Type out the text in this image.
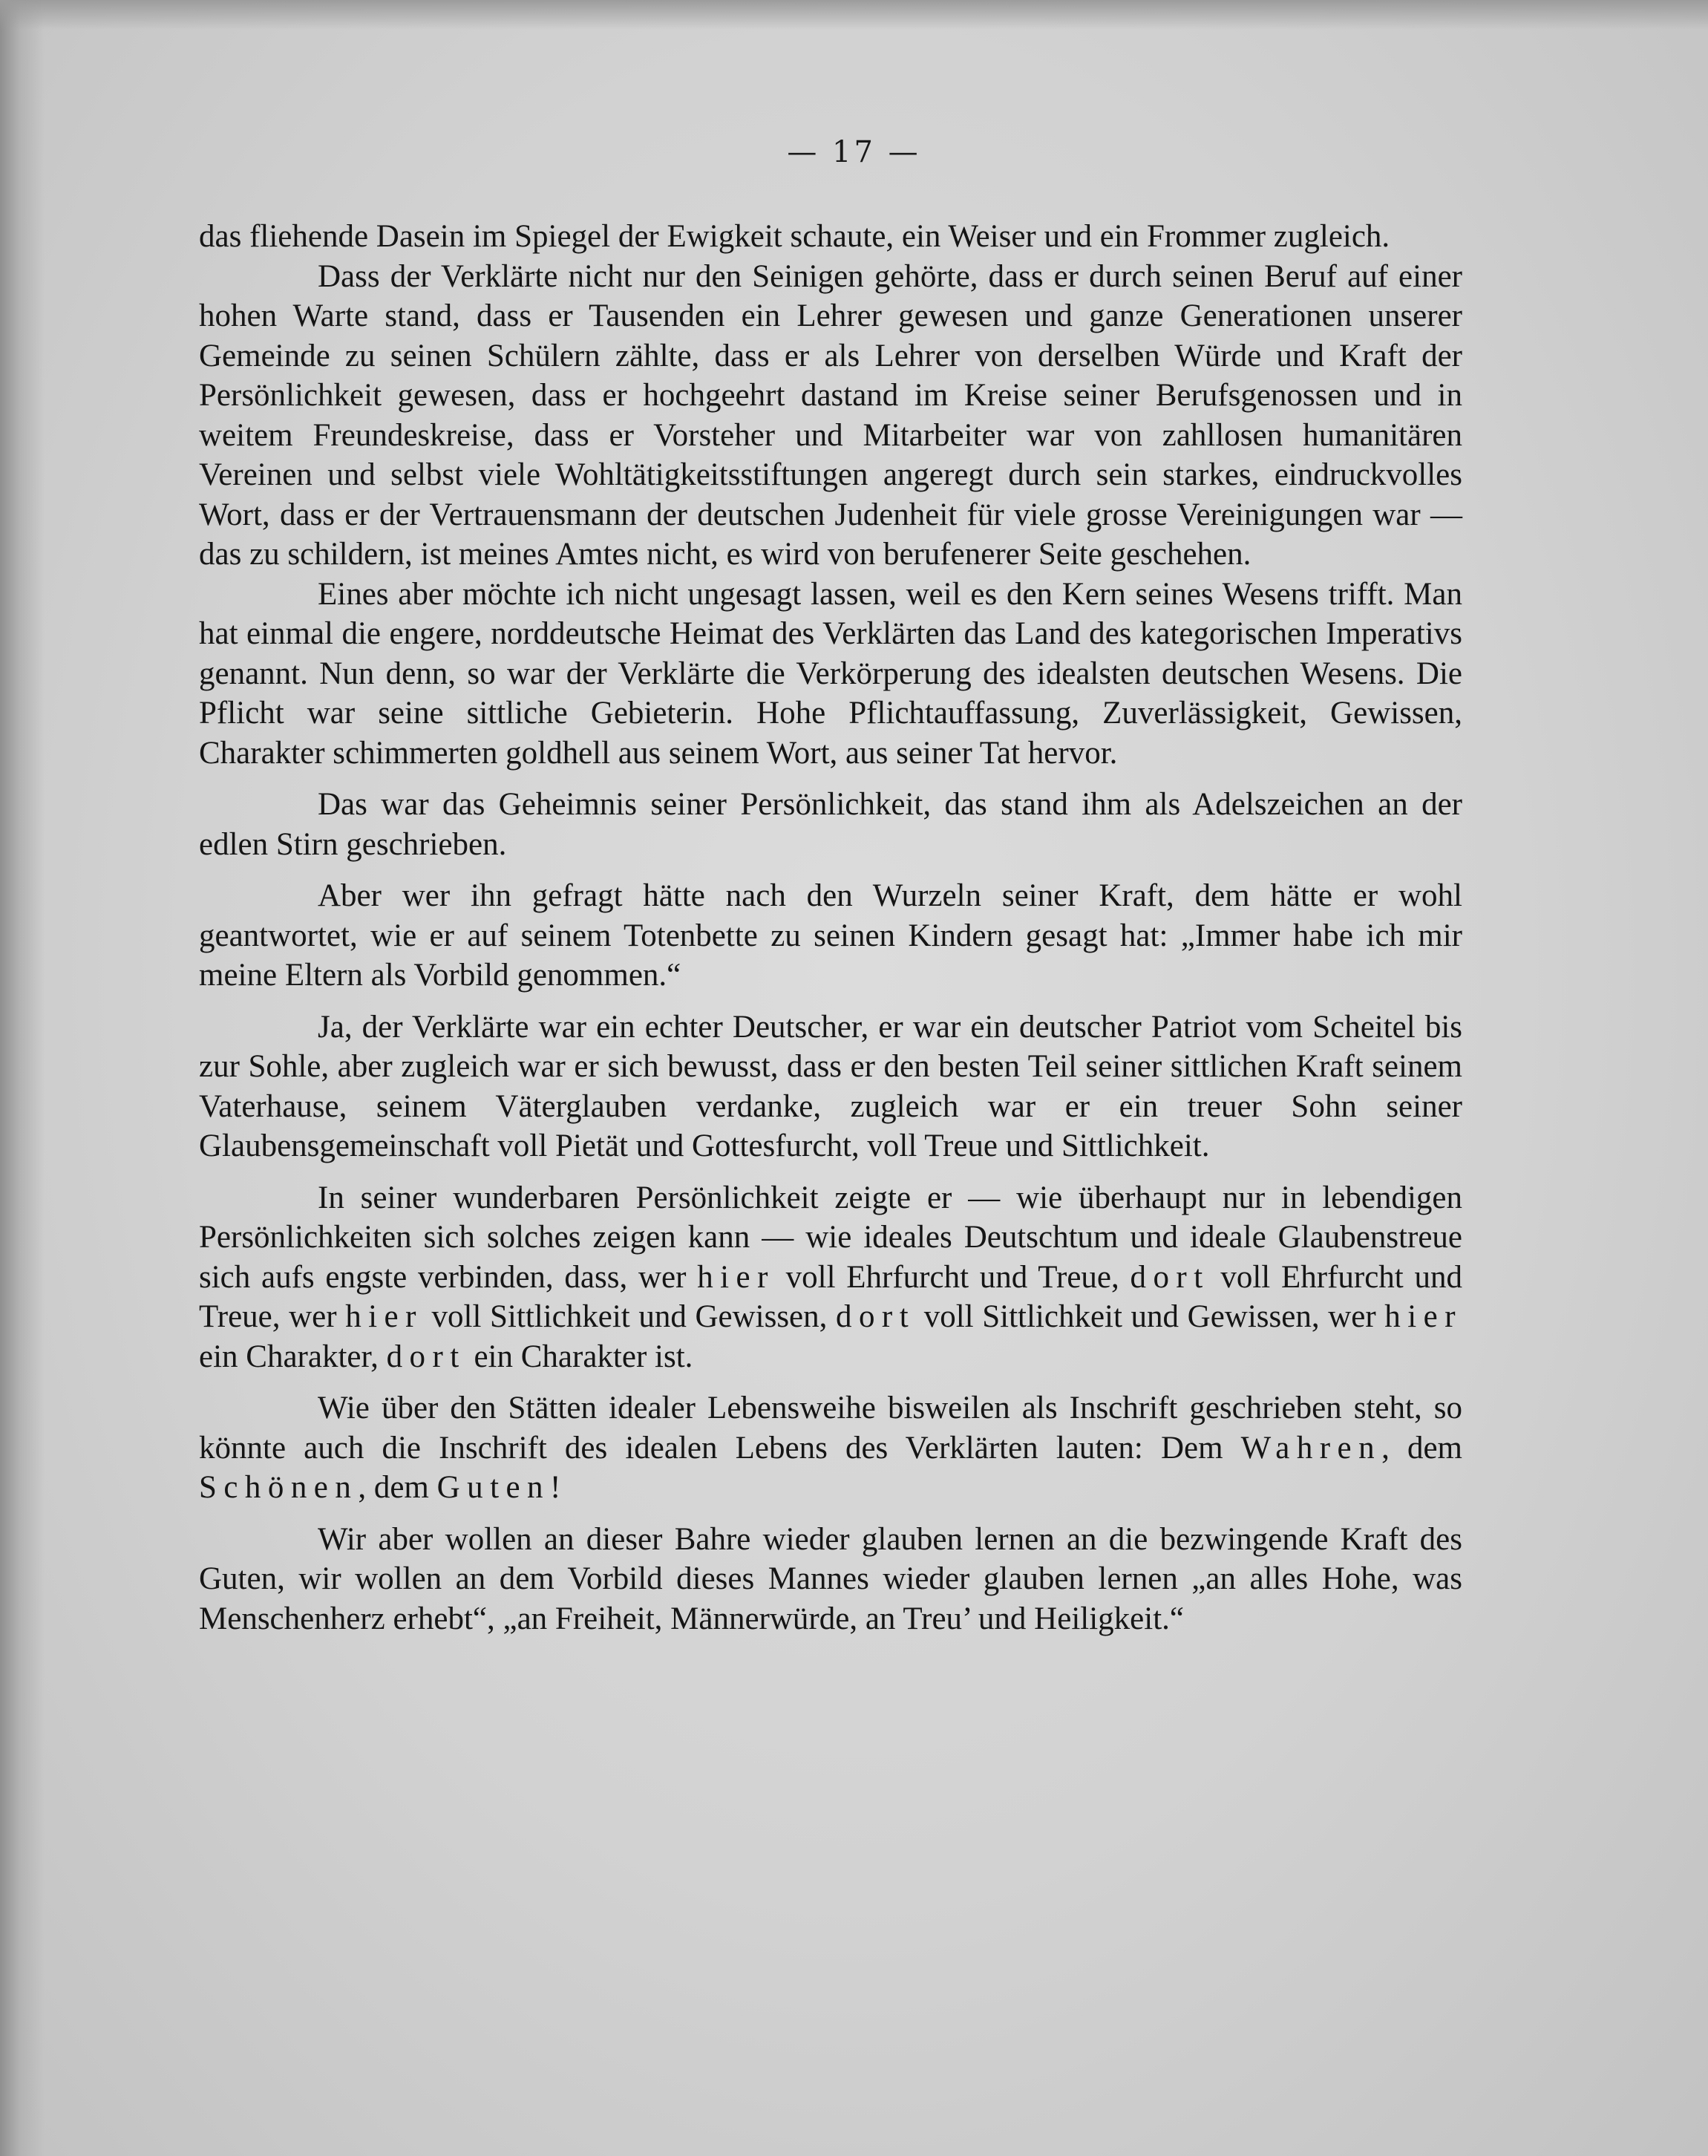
— 17 —

das fliehende Dasein im Spiegel der Ewigkeit schaute, ein Weiser und ein Frommer zugleich.

Dass der Verklärte nicht nur den Seinigen gehörte, dass er durch seinen Beruf auf einer hohen Warte stand, dass er Tausenden ein Lehrer gewesen und ganze Generationen unserer Gemeinde zu seinen Schülern zählte, dass er als Lehrer von derselben Würde und Kraft der Persönlichkeit gewesen, dass er hochgeehrt dastand im Kreise seiner Berufsgenossen und in weitem Freundeskreise, dass er Vorsteher und Mitarbeiter war von zahllosen humanitären Vereinen und selbst viele Wohltätigkeitsstiftungen angeregt durch sein starkes, eindruckvolles Wort, dass er der Vertrauensmann der deutschen Judenheit für viele grosse Vereinigungen war — das zu schildern, ist meines Amtes nicht, es wird von berufenerer Seite geschehen.

Eines aber möchte ich nicht ungesagt lassen, weil es den Kern seines Wesens trifft. Man hat einmal die engere, norddeutsche Heimat des Verklärten das Land des kategorischen Imperativs genannt. Nun denn, so war der Verklärte die Verkörperung des idealsten deutschen Wesens. Die Pflicht war seine sittliche Gebieterin. Hohe Pflichtauffassung, Zuverlässigkeit, Gewissen, Charakter schimmerten goldhell aus seinem Wort, aus seiner Tat hervor.

Das war das Geheimnis seiner Persönlichkeit, das stand ihm als Adelszeichen an der edlen Stirn geschrieben.

Aber wer ihn gefragt hätte nach den Wurzeln seiner Kraft, dem hätte er wohl geantwortet, wie er auf seinem Totenbette zu seinen Kindern gesagt hat: „Immer habe ich mir meine Eltern als Vorbild genommen.“

Ja, der Verklärte war ein echter Deutscher, er war ein deutscher Patriot vom Scheitel bis zur Sohle, aber zugleich war er sich bewusst, dass er den besten Teil seiner sittlichen Kraft seinem Vaterhause, seinem Väterglauben verdanke, zugleich war er ein treuer Sohn seiner Glaubensgemeinschaft voll Pietät und Gottesfurcht, voll Treue und Sittlichkeit.

In seiner wunderbaren Persönlichkeit zeigte er — wie überhaupt nur in lebendigen Persönlichkeiten sich solches zeigen kann — wie ideales Deutschtum und ideale Glaubenstreue sich aufs engste verbinden, dass, wer hier voll Ehrfurcht und Treue, dort voll Ehrfurcht und Treue, wer hier voll Sittlichkeit und Gewissen, dort voll Sittlichkeit und Gewissen, wer hier ein Charakter, dort ein Charakter ist.

Wie über den Stätten idealer Lebensweihe bisweilen als Inschrift geschrieben steht, so könnte auch die Inschrift des idealen Lebens des Verklärten lauten: Dem Wahren, dem Schönen, dem Guten!

Wir aber wollen an dieser Bahre wieder glauben lernen an die bezwingende Kraft des Guten, wir wollen an dem Vorbild dieses Mannes wieder glauben lernen „an alles Hohe, was Menschenherz erhebt“, „an Freiheit, Männerwürde, an Treu’ und Heiligkeit.“
